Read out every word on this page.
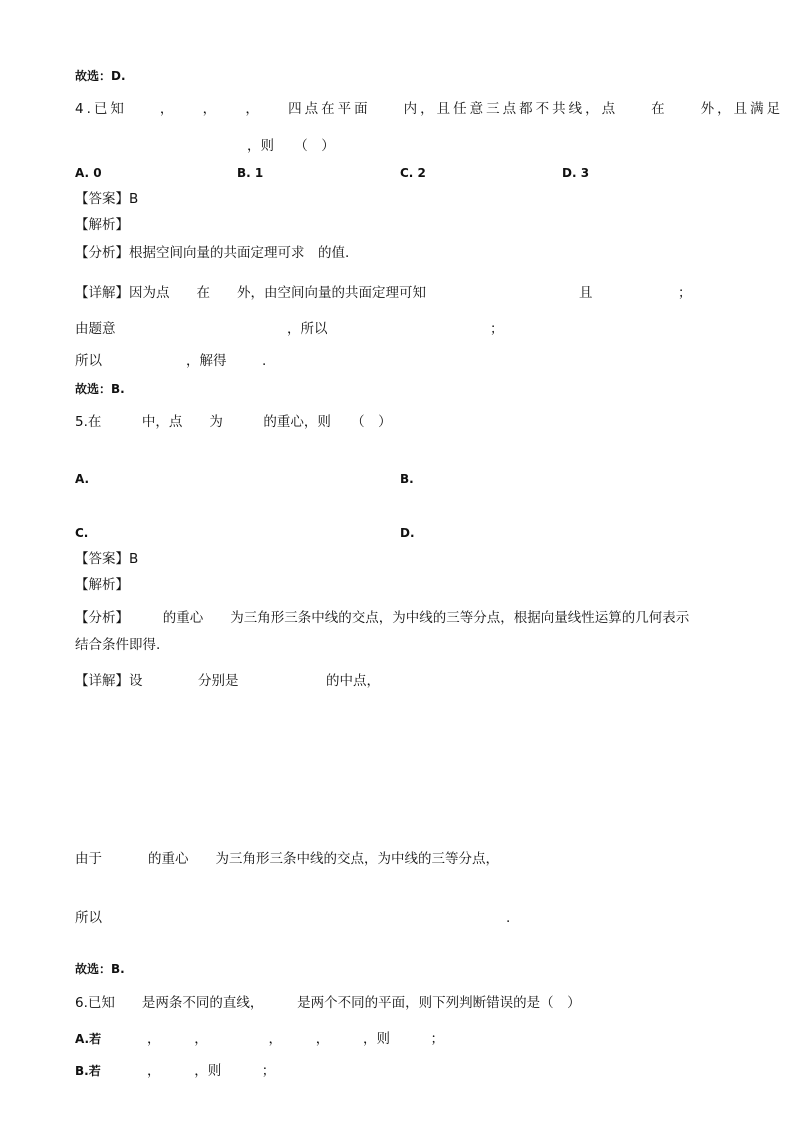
故选：D.
4.已知　　，　　，　　，　　四点在平面　　内，且任意三点都不共线，点　　在　　外，且满足
，则　　（　）
A. 0	B. 1	C. 2	D. 3
【答案】B
【解析】
【分析】根据空间向量的共面定理可求　的值.
【详解】因为点　　在　　外，由空间向量的共面定理可知	且	；
由题意	，所以	；
所以	，解得	.
故选：B.
5.在　　　中，点　　为　　　的重心，则　　（　）
A.	B.
C.	D.
【答案】B
【解析】
【分析】　　　的重心　　为三角形三条中线的交点，为中线的三等分点，根据向量线性运算的几何表示
结合条件即得.
【详解】设	分别是	的中点，
由于	的重心　　为三角形三条中线的交点，为中线的三等分点，
所以	.
故选：B.
6.已知　　是两条不同的直线，　　　是两个不同的平面，则下列判断错误的是（　）
A.若	，　　　，　　　　　，　　　，　　　，则　　　；
B.若	，　　　，则　　　；
